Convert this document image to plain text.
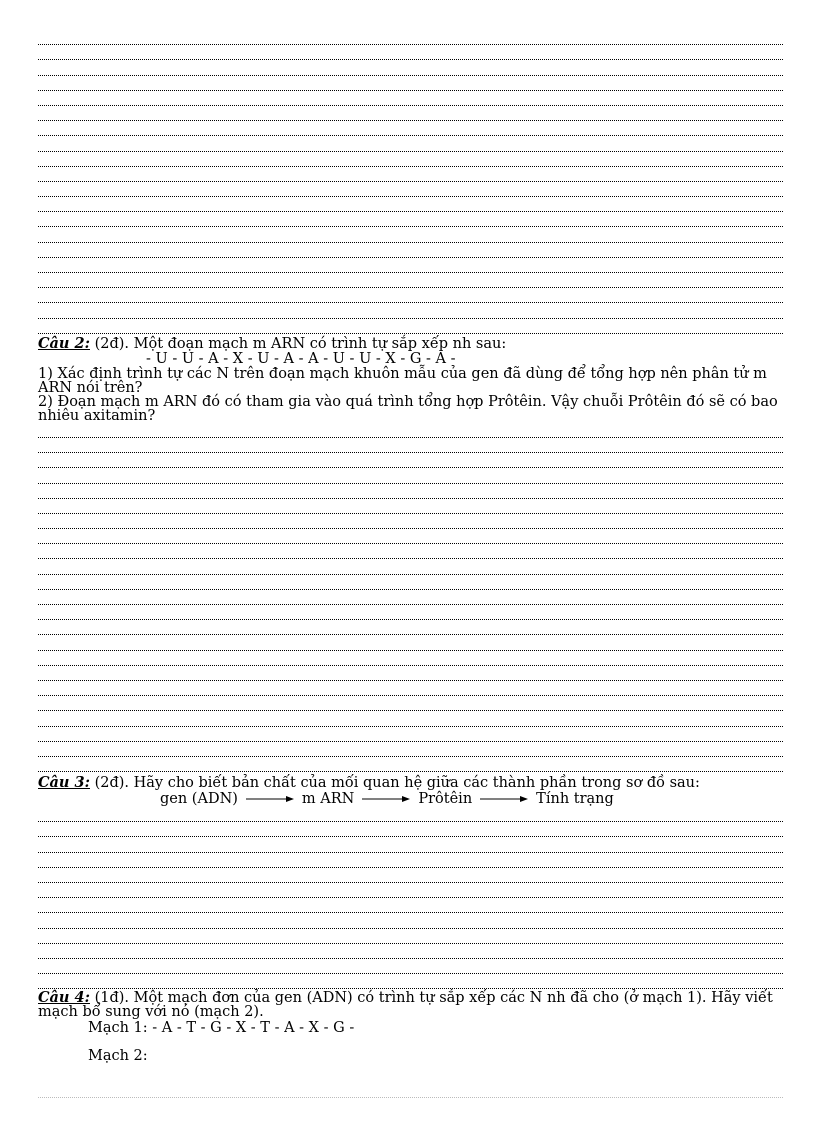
Câu 2: (2đ). Một đoạn mạch m ARN có trình tự sắp xếp nh sau:
- U - U - A - X - U - A - A - U - U - X - G - A -
1) Xác định trình tự các N trên đoạn mạch khuôn mẫu của gen đã dùng để tổng hợp nên phân tử m ARN nói trên?
2) Đoạn mạch m ARN đó có tham gia vào quá trình tổng hợp Prôtêin. Vậy chuỗi Prôtêin đó sẽ có bao nhiêu axitamin?
Câu 3: (2đ). Hãy cho biết bản chất của mối quan hệ giữa các thành phần trong sơ đồ sau:
gen (ADN)	m ARN	Prôtêin	Tính trạng
Câu 4: (1đ). Một mạch đơn của gen (ADN) có trình tự sắp xếp các N nh đã cho (ở mạch 1). Hãy viết mạch bổ sung với nó (mạch 2).
Mạch 1: - A - T - G - X - T - A - X - G -
Mạch 2:
